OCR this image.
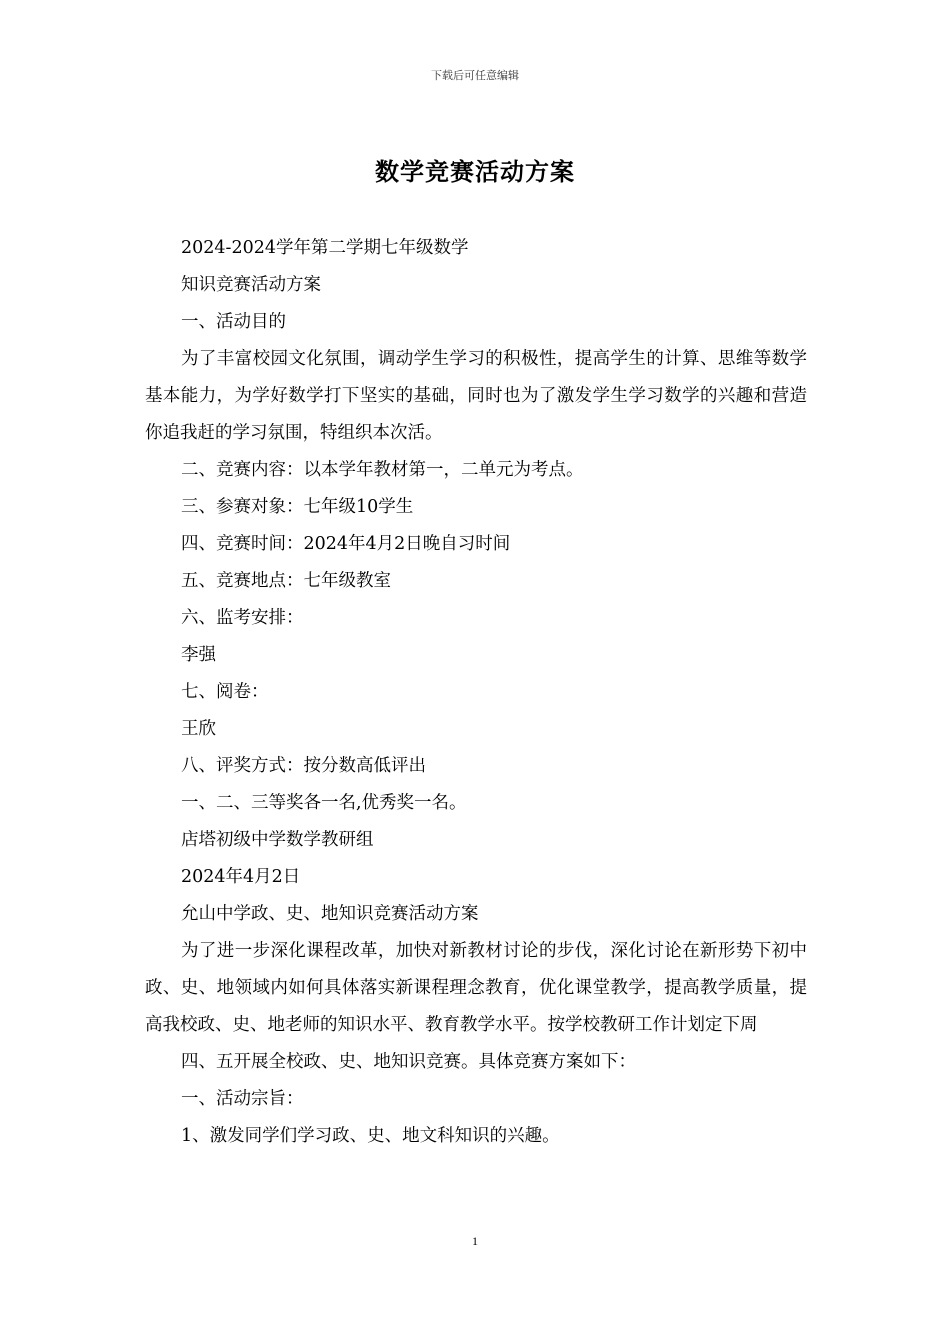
下载后可任意编辑
数学竞赛活动方案

2024-2024学年第二学期七年级数学

知识竞赛活动方案

一、活动目的

为了丰富校园文化氛围，调动学生学习的积极性，提高学生的计算、思维等数学基本能力，为学好数学打下坚实的基础，同时也为了激发学生学习数学的兴趣和营造你追我赶的学习氛围，特组织本次活。

二、竞赛内容：以本学年教材第一，二单元为考点。

三、参赛对象：七年级10学生

四、竞赛时间：2024年4月2日晚自习时间

五、竞赛地点：七年级教室

六、监考安排：

李强

七、阅卷：

王欣

八、评奖方式：按分数高低评出

一、二、三等奖各一名,优秀奖一名。

店塔初级中学数学教研组

2024年4月2日

允山中学政、史、地知识竞赛活动方案

为了进一步深化课程改革，加快对新教材讨论的步伐，深化讨论在新形势下初中政、史、地领域内如何具体落实新课程理念教育，优化课堂教学，提高教学质量，提高我校政、史、地老师的知识水平、教育教学水平。按学校教研工作计划定下周

四、五开展全校政、史、地知识竞赛。具体竞赛方案如下：

一、活动宗旨：

1、激发同学们学习政、史、地文科知识的兴趣。

1
